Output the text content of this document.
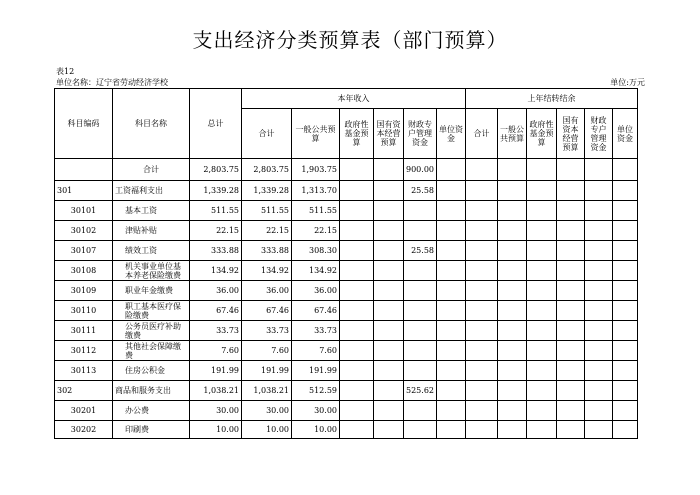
支出经济分类预算表（部门预算）
表12
单位名称：辽宁省劳动经济学校	单位:万元
科目编码	科目名称	总计	本年收入						上年结转结余					
			合计	一般公共预算	政府性基金预算	国有资本经营预算	财政专户管理资金	单位资金	合计	一般公共预算	政府性基金预算	国有资本经营预算	财政专户管理资金	单位资金
	合计	2,803.75	2,803.75	1,903.75			900.00							
301	工资福利支出	1,339.28	1,339.28	1,313.70			25.58							
30101	基本工资	511.55	511.55	511.55										
30102	津贴补贴	22.15	22.15	22.15										
30107	绩效工资	333.88	333.88	308.30			25.58							
30108	机关事业单位基本养老保险缴费	134.92	134.92	134.92										
30109	职业年金缴费	36.00	36.00	36.00										
30110	职工基本医疗保险缴费	67.46	67.46	67.46										
30111	公务员医疗补助缴费	33.73	33.73	33.73										
30112	其他社会保障缴费	7.60	7.60	7.60										
30113	住房公积金	191.99	191.99	191.99										
302	商品和服务支出	1,038.21	1,038.21	512.59			525.62							
30201	办公费	30.00	30.00	30.00										
30202	印刷费	10.00	10.00	10.00										
